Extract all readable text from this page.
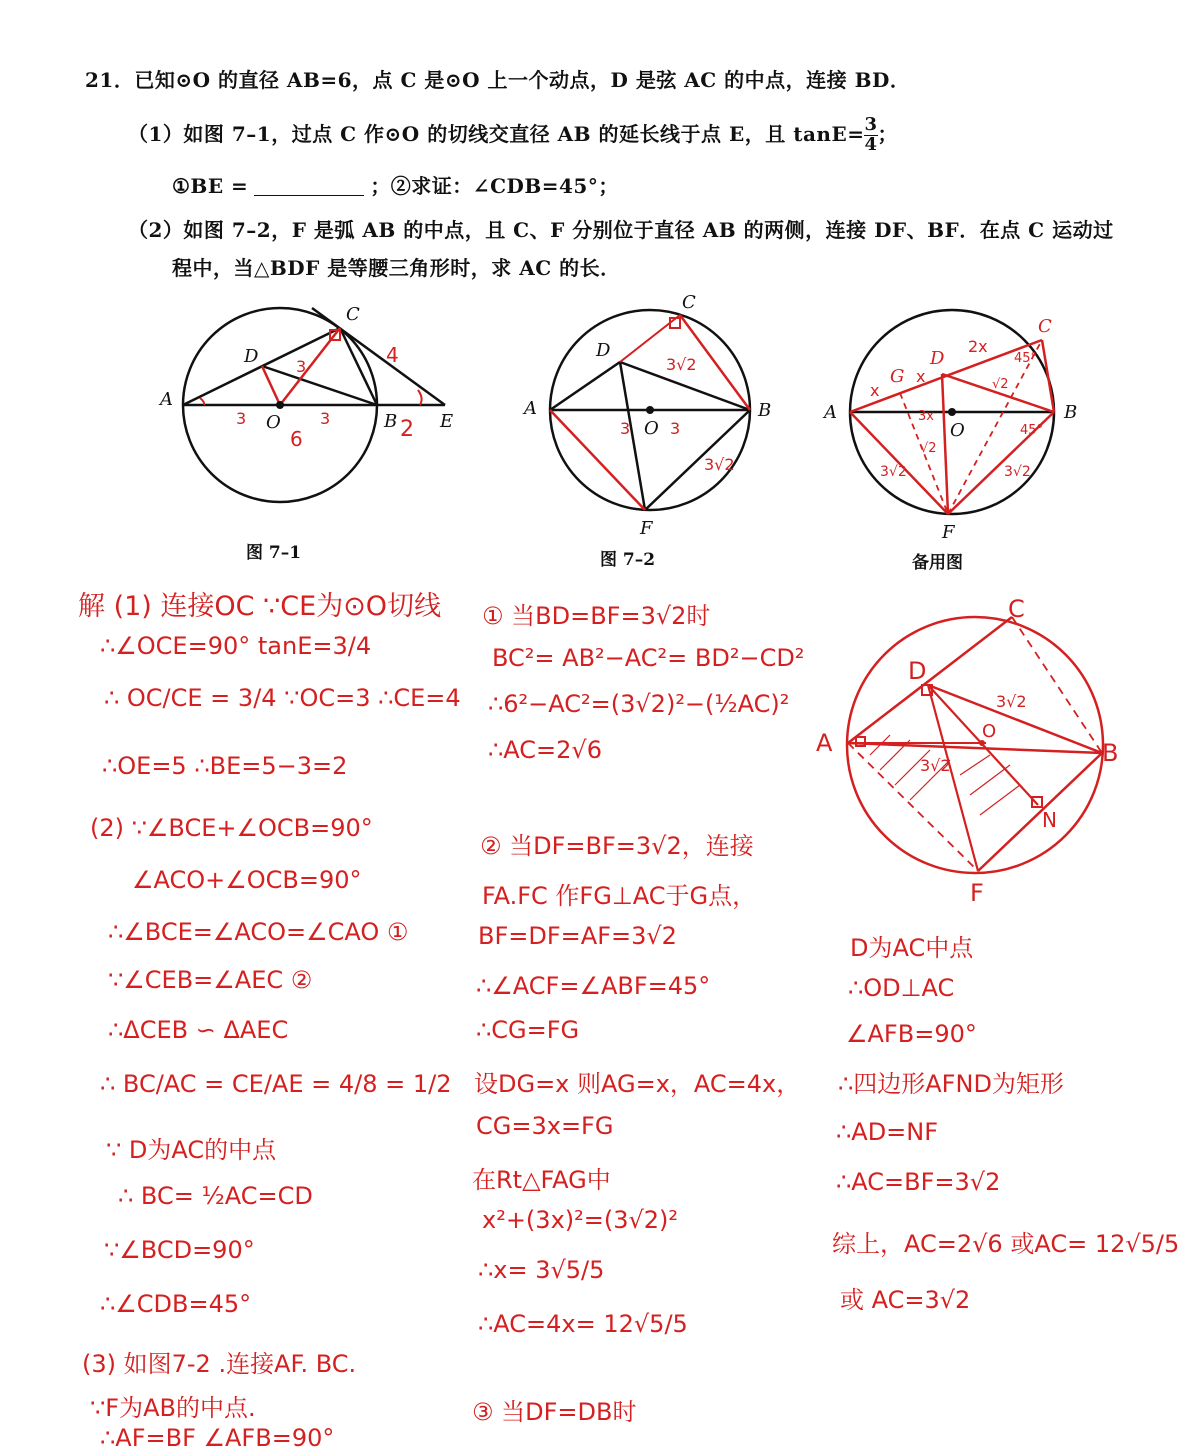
21．已知⊙O 的直径 AB=6，点 C 是⊙O 上一个动点，D 是弦 AC 的中点，连接 BD．
（1）如图 7–1，过点 C 作⊙O 的切线交直径 AB 的延长线于点 E，且 $\tan E= \frac{3}{4}$ ；
①BE =	；②求证：∠CDB=45°；
（2）如图 7–2，F 是弧 AB 的中点，且 C、F 分别位于直径 AB 的两侧，连接 DF、BF．在点 C 运动过
程中，当△BDF 是等腰三角形时，求 AC 的长．
A
B
C
D
E
O
3	3
3	4
6	2
图 7–1
A	B
C
D
F
O
3√2
3√2
3 3
图 7–2
A	B
C
D
F
O
G
x
x
2x
3x
45°
45°
3√2	3√2
√2
√2
备用图
A	B
C
D
F
O
N
3√2
3√2
解 (1) 连接OC ∵CE为⊙O切线
∴∠OCE=90° tanE=3/4
∴ OC/CE = 3/4 ∵OC=3 ∴CE=4
∴OE=5 ∴BE=5−3=2
(2) ∵∠BCE+∠OCB=90°
∠ACO+∠OCB=90°
∴∠BCE=∠ACO=∠CAO ①
∵∠CEB=∠AEC ②
∴ΔCEB ∽ ΔAEC
∴ BC/AC = CE/AE = 4/8 = 1/2
∵ D为AC的中点
∴ BC= ½AC=CD
∵∠BCD=90°
∴∠CDB=45°
(3) 如图7-2 .连接AF. BC.
∵F为AB的中点.
∴AF=BF ∠AFB=90°
① 当BD=BF=3√2时
BC²= AB²−AC²= BD²−CD²
∴6²−AC²=(3√2)²−(½AC)²
∴AC=2√6
② 当DF=BF=3√2，连接
FA.FC 作FG⊥AC于G点，
BF=DF=AF=3√2
∴∠ACF=∠ABF=45°
∴CG=FG
设DG=x 则AG=x，AC=4x，
CG=3x=FG
在Rt△FAG中
x²+(3x)²=(3√2)²
∴x= 3√5/5
∴AC=4x= 12√5/5
③ 当DF=DB时
D为AC中点
∴OD⊥AC
∠AFB=90°
∴四边形AFND为矩形
∴AD=NF
∴AC=BF=3√2
综上，AC=2√6 或AC= 12√5/5
或 AC=3√2
